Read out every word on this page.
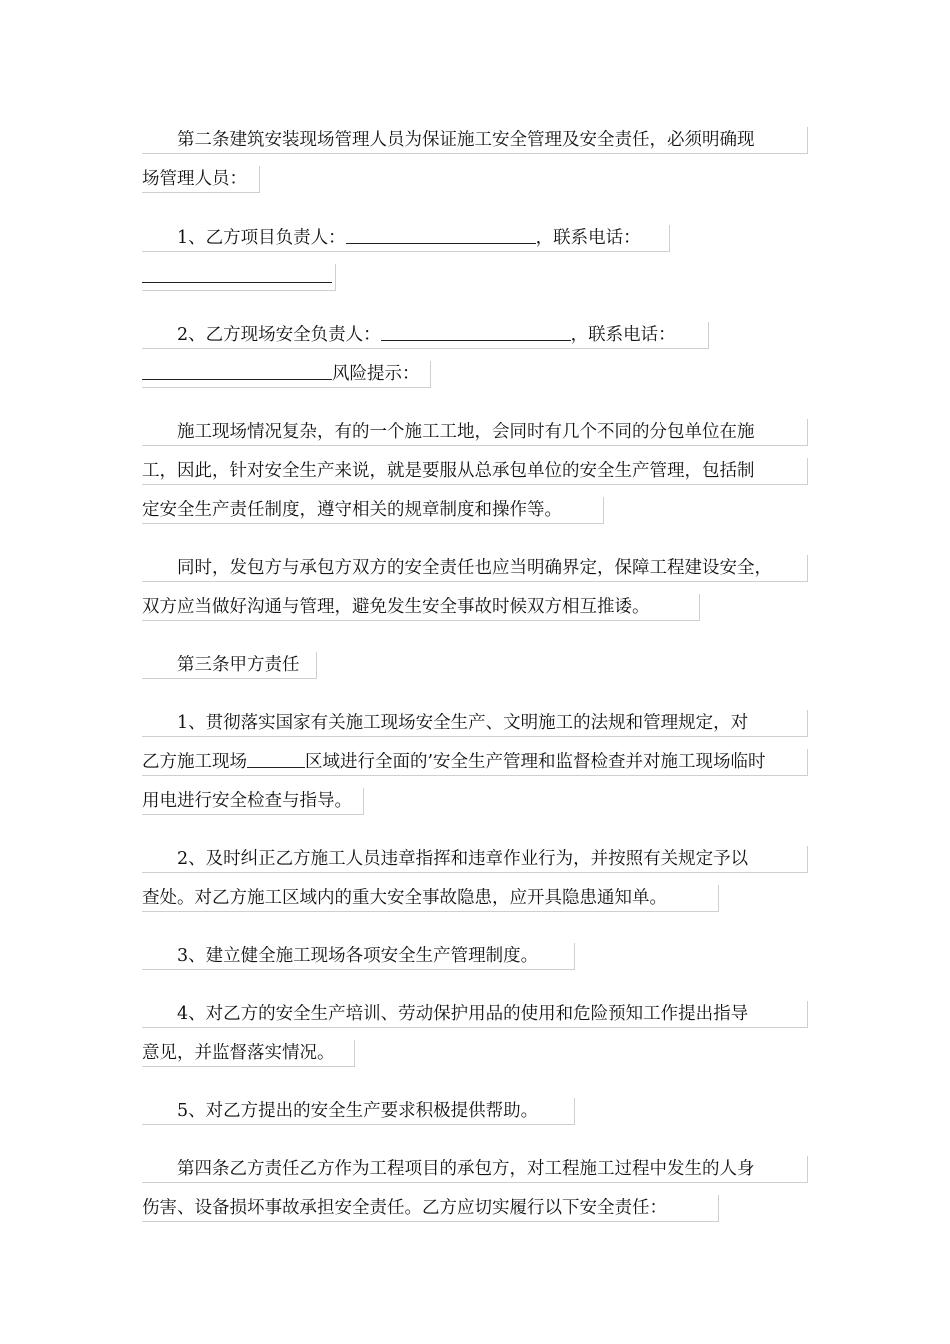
　　第二条建筑安装现场管理人员为保证施工安全管理及安全责任，必须明确现
场管理人员：
　　1、乙方项目负责人：	，联系电话：
　　2、乙方现场安全负责人：	，联系电话：
风险提示：
　　施工现场情况复杂，有的一个施工工地，会同时有几个不同的分包单位在施
工，因此，针对安全生产来说，就是要服从总承包单位的安全生产管理，包括制
定安全生产责任制度，遵守相关的规章制度和操作等。
　　同时，发包方与承包方双方的安全责任也应当明确界定，保障工程建设安全，
双方应当做好沟通与管理，避免发生安全事故时候双方相互推诿。
　　第三条甲方责任
　　1、贯彻落实国家有关施工现场安全生产、文明施工的法规和管理规定，对
乙方施工现场	区域进行全面的’安全生产管理和监督检查并对施工现场临时
用电进行安全检查与指导。
　　2、及时纠正乙方施工人员违章指挥和违章作业行为，并按照有关规定予以
查处。对乙方施工区域内的重大安全事故隐患，应开具隐患通知单。
　　3、建立健全施工现场各项安全生产管理制度。
　　4、对乙方的安全生产培训、劳动保护用品的使用和危险预知工作提出指导
意见，并监督落实情况。
　　5、对乙方提出的安全生产要求积极提供帮助。
　　第四条乙方责任乙方作为工程项目的承包方，对工程施工过程中发生的人身
伤害、设备损坏事故承担安全责任。乙方应切实履行以下安全责任：
